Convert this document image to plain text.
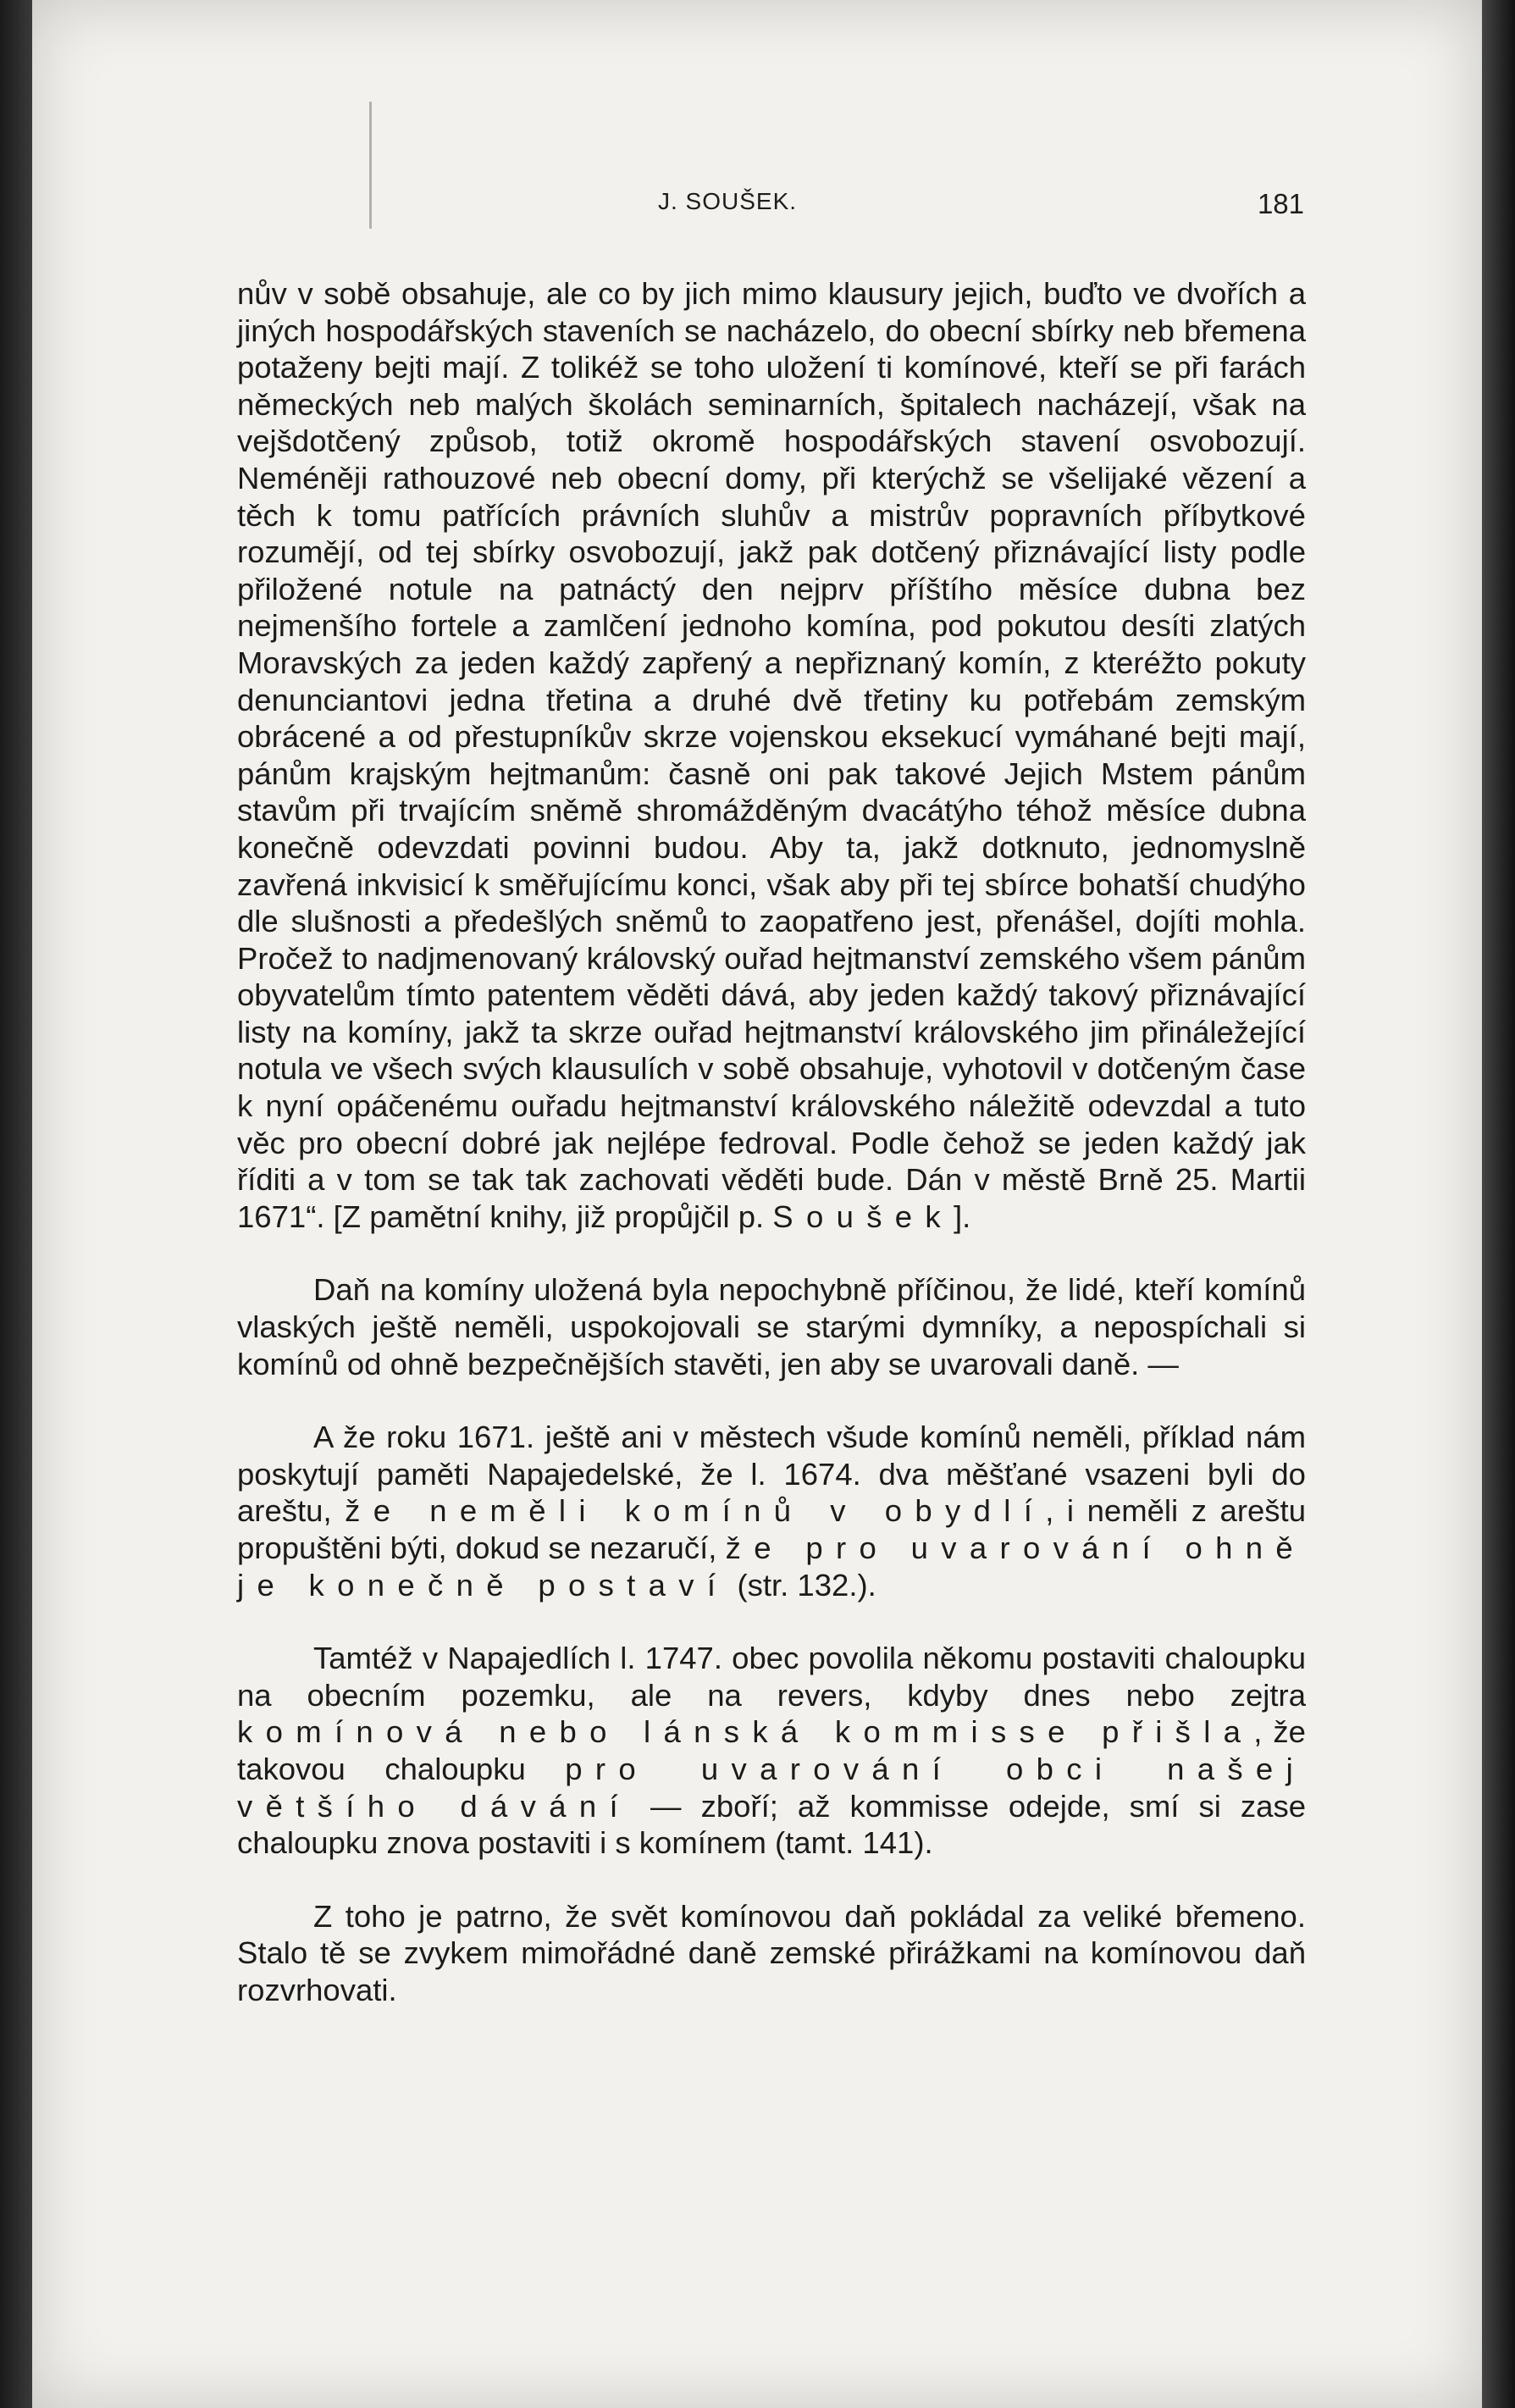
J. SOUŠEK.	181

nův v sobě obsahuje, ale co by jich mimo klausury jejich, buďto ve dvořích a jiných hospodářských staveních se nacházelo, do obecní sbírky neb břemena potaženy bejti mají. Z tolikéž se toho uložení ti komínové, kteří se při farách německých neb malých školách seminarních, špitalech nacházejí, však na vejšdotčený způsob, totiž okromě hospodářských stavení osvobozují. Neméněji rathouzové neb obecní domy, při kterýchž se všelijaké vězení a těch k tomu patřících právních sluhův a mistrův popravních příbytkové rozumějí, od tej sbírky osvobozují, jakž pak dotčený přiznávající listy podle přiložené notule na patnáctý den nejprv příštího měsíce dubna bez nejmenšího fortele a zamlčení jednoho komína, pod pokutou desíti zlatých Moravských za jeden každý zapřený a nepřiznaný komín, z kteréžto pokuty denunciantovi jedna třetina a druhé dvě třetiny ku potřebám zemským obrácené a od přestupníkův skrze vojenskou eksekucí vymáhané bejti mají, pánům krajským hejtmanům: časně oni pak takové Jejich Mstem pánům stavům při trvajícím sněmě shromážděným dvacátýho téhož měsíce dubna konečně odevzdati povinni budou. Aby ta, jakž dotknuto, jednomyslně zavřená inkvisicí k směřujícímu konci, však aby při tej sbírce bohatší chudýho dle slušnosti a předešlých sněmů to zaopatřeno jest, přenášel, dojíti mohla. Pročež to nadjmenovaný královský ouřad hejtmanství zemského všem pánům obyvatelům tímto patentem věděti dává, aby jeden každý takový přiznávající listy na komíny, jakž ta skrze ouřad hejtmanství královského jim přináležející notula ve všech svých klausulích v sobě obsahuje, vyhotovil v dotčeným čase k nyní opáčenému ouřadu hejtmanství královského náležitě odevzdal a tuto věc pro obecní dobré jak nejlépe fedroval. Podle čehož se jeden každý jak říditi a v tom se tak tak zachovati věděti bude. Dán v městě Brně 25. Martii 1671“. [Z pamětní knihy, již propůjčil p. Soušek].

Daň na komíny uložená byla nepochybně příčinou, že lidé, kteří komínů vlaských ještě neměli, uspokojovali se starými dymníky, a nepospíchali si komínů od ohně bezpečnějších stavěti, jen aby se uvarovali daně. —

A že roku 1671. ještě ani v městech všude komínů neměli, příklad nám poskytují paměti Napajedelské, že l. 1674. dva měšťané vsazeni byli do areštu, že neměli komínů v obydlí, i neměli z areštu propuštěni býti, dokud se nezaručí, že pro uvarování ohně je konečně postaví (str. 132.).

Tamtéž v Napajedlích l. 1747. obec povolila někomu postaviti chaloupku na obecním pozemku, ale na revers, kdyby dnes nebo zejtra komínová nebo lánská kommisse přišla, že takovou chaloupku pro uvarování obci našej většího dávání — zboří; až kommisse odejde, smí si zase chaloupku znova postaviti i s komínem (tamt. 141).

Z toho je patrno, že svět komínovou daň pokládal za veliké břemeno. Stalo tě se zvykem mimořádné daně zemské přirážkami na komínovou daň rozvrhovati.
